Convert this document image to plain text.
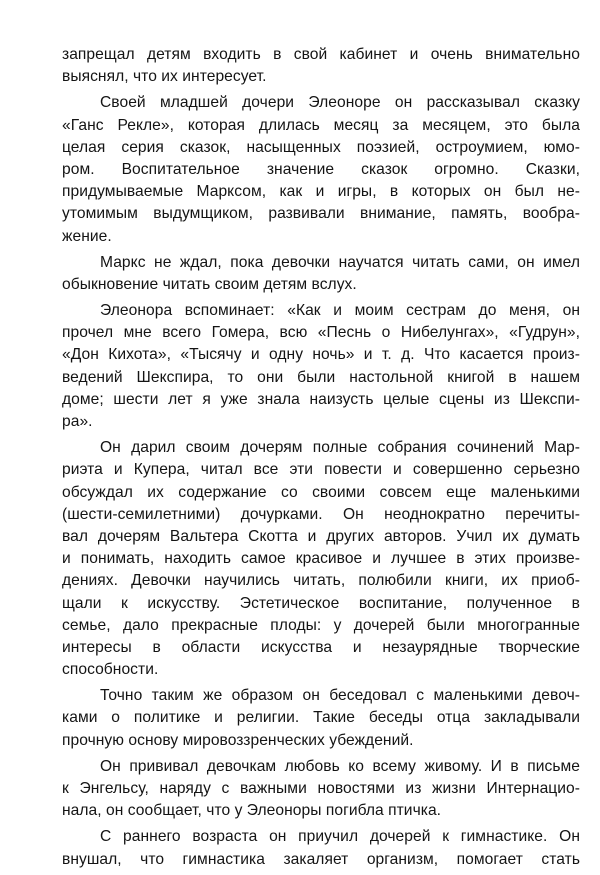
запрещал детям входить в свой кабинет и очень внимательно
выяснял, что их интересует.
Своей младшей дочери Элеоноре он рассказывал сказку
«Ганс Рекле», которая длилась месяц за месяцем, это была
целая серия сказок, насыщенных поэзией, остроумием, юмо-
ром. Воспитательное значение сказок огромно. Сказки,
придумываемые Марксом, как и игры, в которых он был не-
утомимым выдумщиком, развивали внимание, память, вообра-
жение.
Маркс не ждал, пока девочки научатся читать сами, он имел
обыкновение читать своим детям вслух.
Элеонора вспоминает: «Как и моим сестрам до меня, он
прочел мне всего Гомера, всю «Песнь о Нибелунгах», «Гудрун»,
«Дон Кихота», «Тысячу и одну ночь» и т. д. Что касается произ-
ведений Шекспира, то они были настольной книгой в нашем
доме; шести лет я уже знала наизусть целые сцены из Шекспи-
ра».
Он дарил своим дочерям полные собрания сочинений Мар-
риэта и Купера, читал все эти повести и совершенно серьезно
обсуждал их содержание со своими совсем еще маленькими
(шести-семилетними) дочурками. Он неоднократно перечиты-
вал дочерям Вальтера Скотта и других авторов. Учил их думать
и понимать, находить самое красивое и лучшее в этих произве-
дениях. Девочки научились читать, полюбили книги, их приоб-
щали к искусству. Эстетическое воспитание, полученное в
семье, дало прекрасные плоды: у дочерей были многогранные
интересы в области искусства и незаурядные творческие
способности.
Точно таким же образом он беседовал с маленькими девоч-
ками о политике и религии. Такие беседы отца закладывали
прочную основу мировоззренческих убеждений.
Он прививал девочкам любовь ко всему живому. И в письме
к Энгельсу, наряду с важными новостями из жизни Интернацио-
нала, он сообщает, что у Элеоноры погибла птичка.
С раннего возраста он приучил дочерей к гимнастике. Он
внушал, что гимнастика закаляет организм, помогает стать
